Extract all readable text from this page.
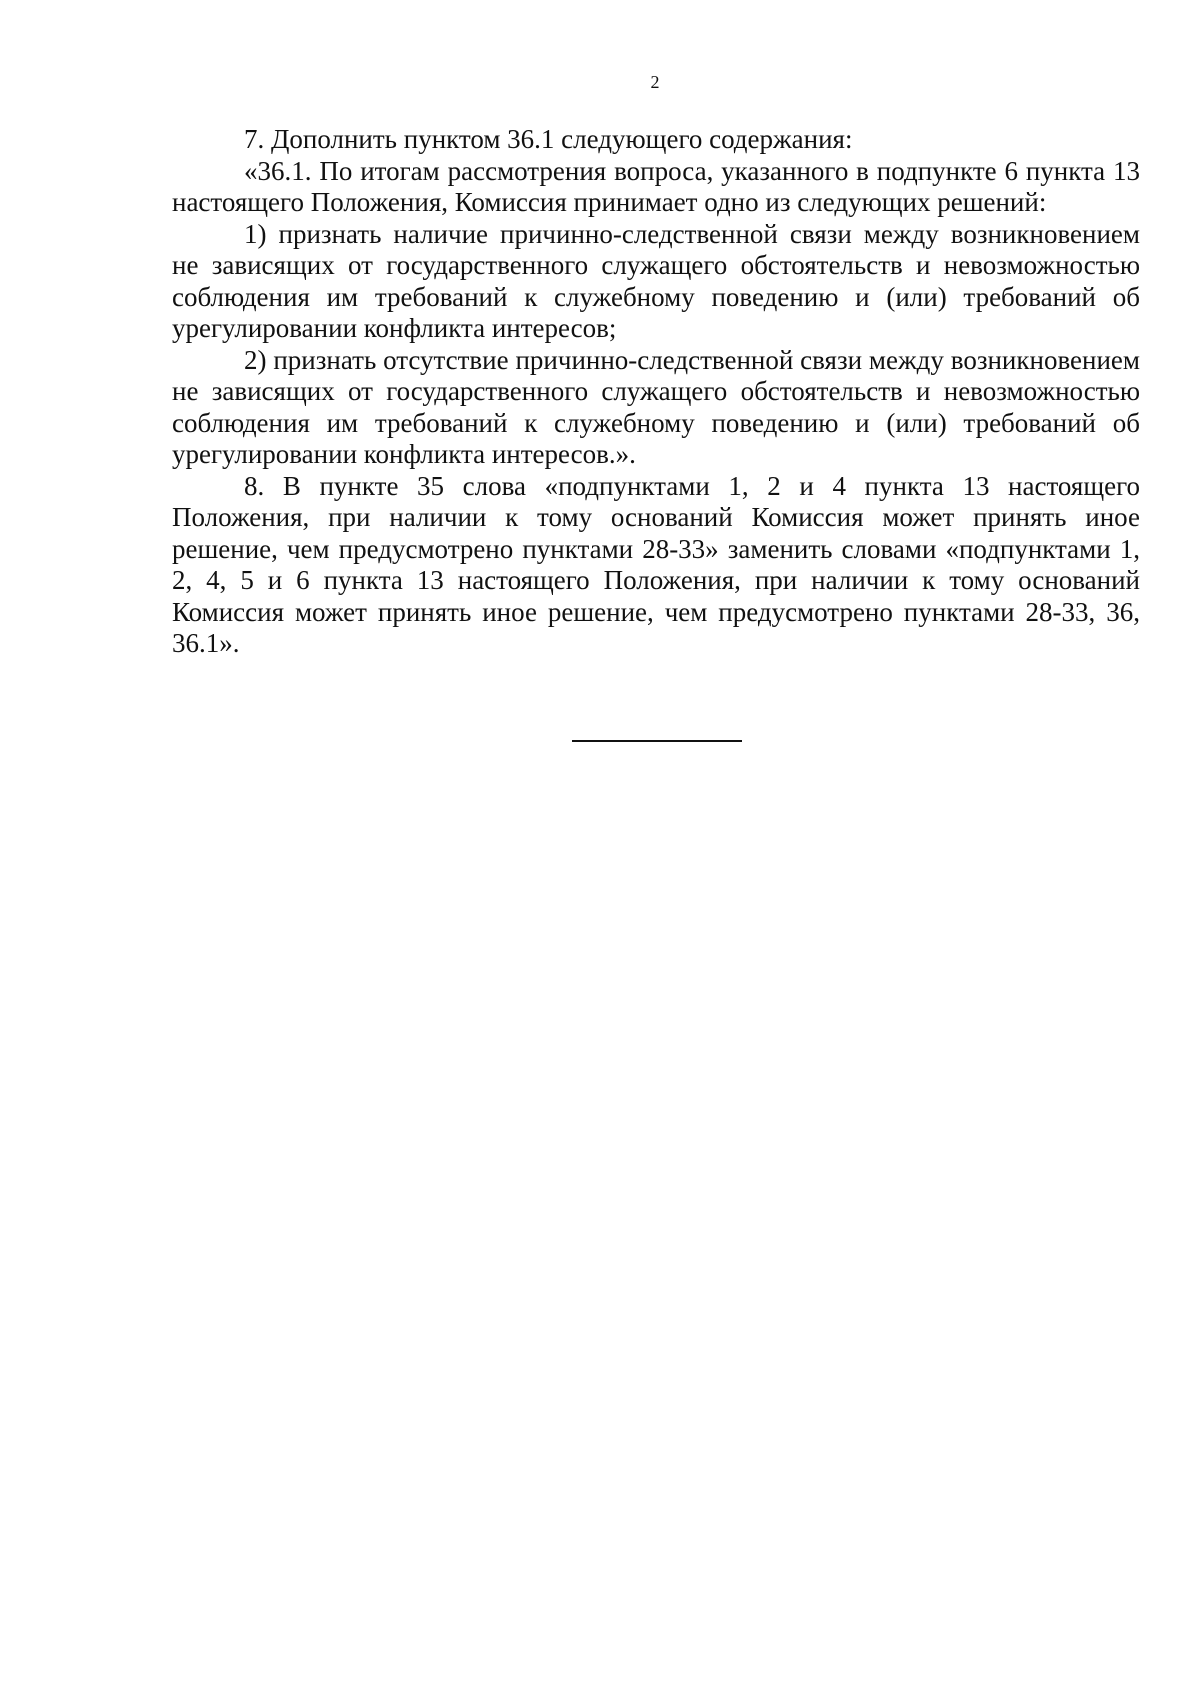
2

7. Дополнить пунктом 36.1 следующего содержания:

«36.1. По итогам рассмотрения вопроса, указанного в подпункте 6 пункта 13 настоящего Положения, Комиссия принимает одно из следующих решений:

1) признать наличие причинно-следственной связи между возникновением не зависящих от государственного служащего обстоятельств и невозможностью соблюдения им требований к служебному поведению и (или) требований об урегулировании конфликта интересов;

2) признать отсутствие причинно-следственной связи между возникновением не зависящих от государственного служащего обстоятельств и невозможностью соблюдения им требований к служебному поведению и (или) требований об урегулировании конфликта интересов.».

8. В пункте 35 слова «подпунктами 1, 2 и 4 пункта 13 настоящего Положения, при наличии к тому оснований Комиссия может принять иное решение, чем предусмотрено пунктами 28-33» заменить словами «подпунктами 1, 2, 4, 5 и 6 пункта 13 настоящего Положения, при наличии к тому оснований Комиссия может принять иное решение, чем предусмотрено пунктами 28-33, 36, 36.1».
